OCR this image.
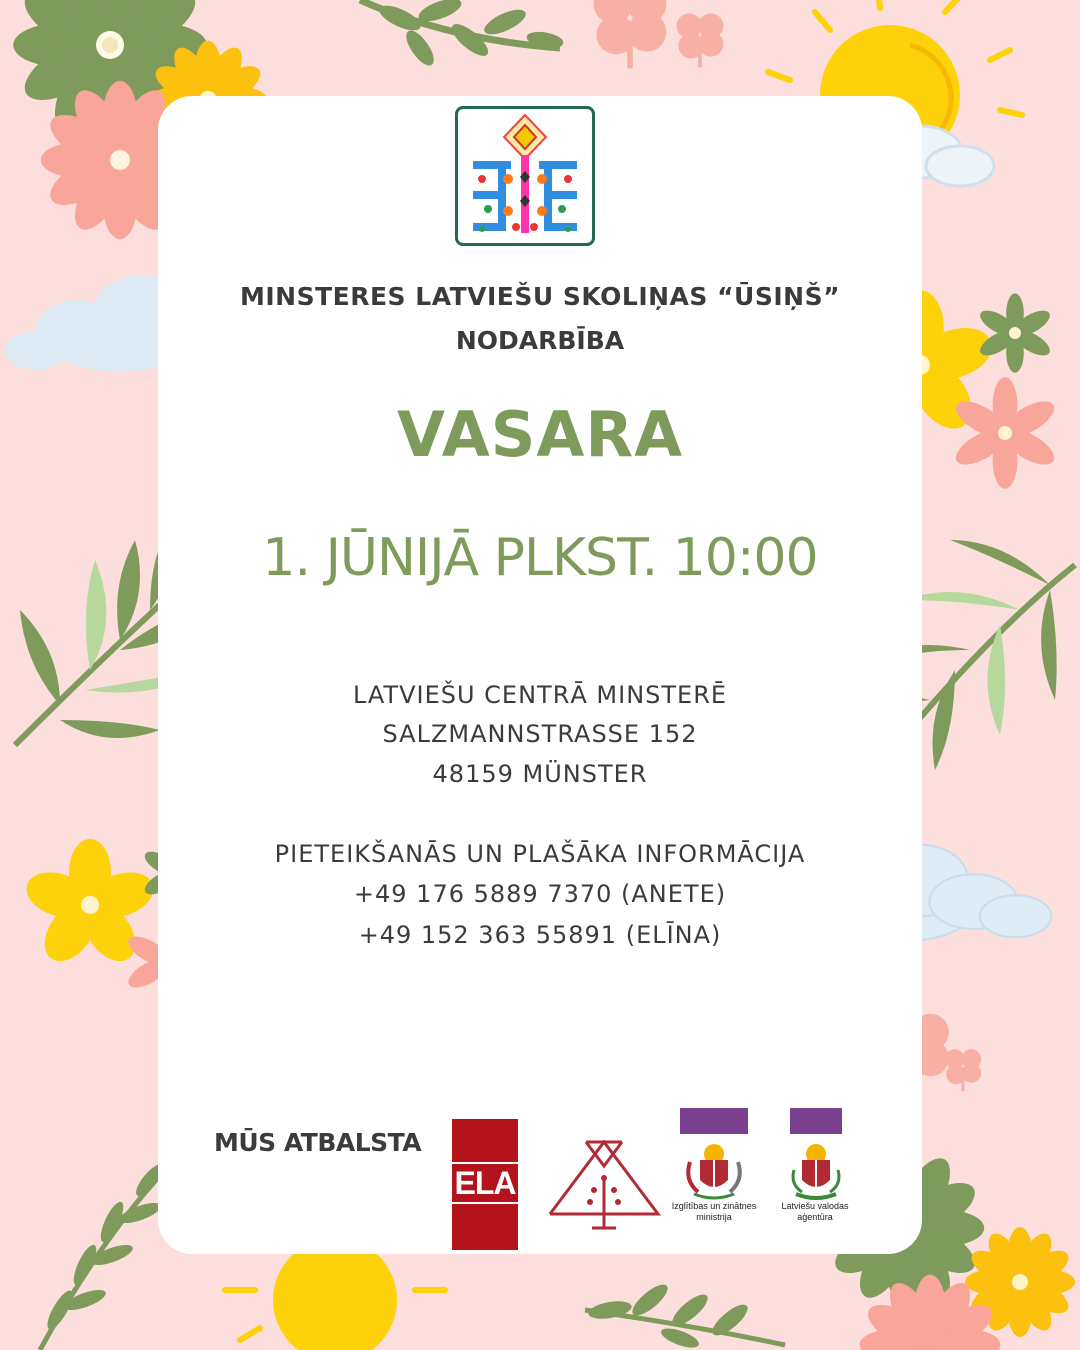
MINSTERES LATVIEŠU SKOLIŅAS “ŪSIŅŠ”
NODARBĪBA
VASARA
1. JŪNIJĀ PLKST. 10:00
LATVIEŠU CENTRĀ MINSTERĒ
SALZMANNSTRASSE 152
48159 MÜNSTER
PIETEIKŠANĀS UN PLAŠĀKA INFORMĀCIJA
+49 176 5889 7370 (ANETE)
+49 152 363 55891 (ELĪNA)
MŪS ATBALSTA
ELA
Izglītības un zinātnes ministrija
Latviešu valodas aģentūra
